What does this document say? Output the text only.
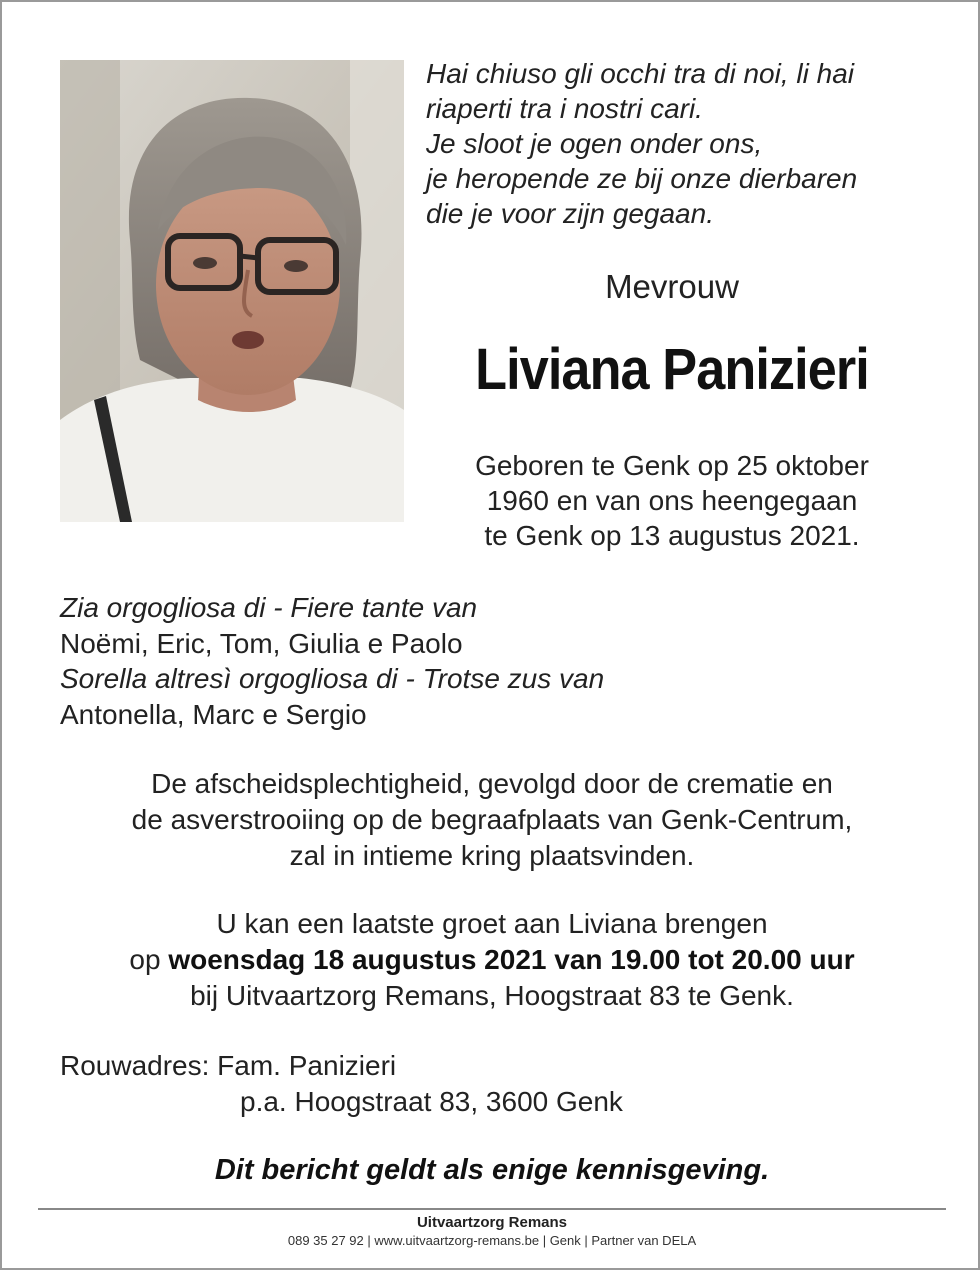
Hai chiuso gli occhi tra di noi, li hai
riaperti tra i nostri cari.
Je sloot je ogen onder ons,
je heropende ze bij onze dierbaren
die je voor zijn gegaan.
Mevrouw
Liviana Panizieri
Geboren te Genk op 25 oktober
1960 en van ons heengegaan
te Genk op 13 augustus 2021.
Zia orgogliosa di - Fiere tante van
Noëmi, Eric, Tom, Giulia e Paolo
Sorella altresì orgogliosa di - Trotse zus van
Antonella, Marc e Sergio
De afscheidsplechtigheid, gevolgd door de crematie en
de asverstrooiing op de begraafplaats van Genk-Centrum,
zal in intieme kring plaatsvinden.
U kan een laatste groet aan Liviana brengen
op woensdag 18 augustus 2021 van 19.00 tot 20.00 uur
bij Uitvaartzorg Remans, Hoogstraat 83 te Genk.
Rouwadres: Fam. Panizieri
p.a. Hoogstraat 83, 3600 Genk
Dit bericht geldt als enige kennisgeving.
Uitvaartzorg Remans
089 35 27 92 | www.uitvaartzorg-remans.be | Genk | Partner van DELA
